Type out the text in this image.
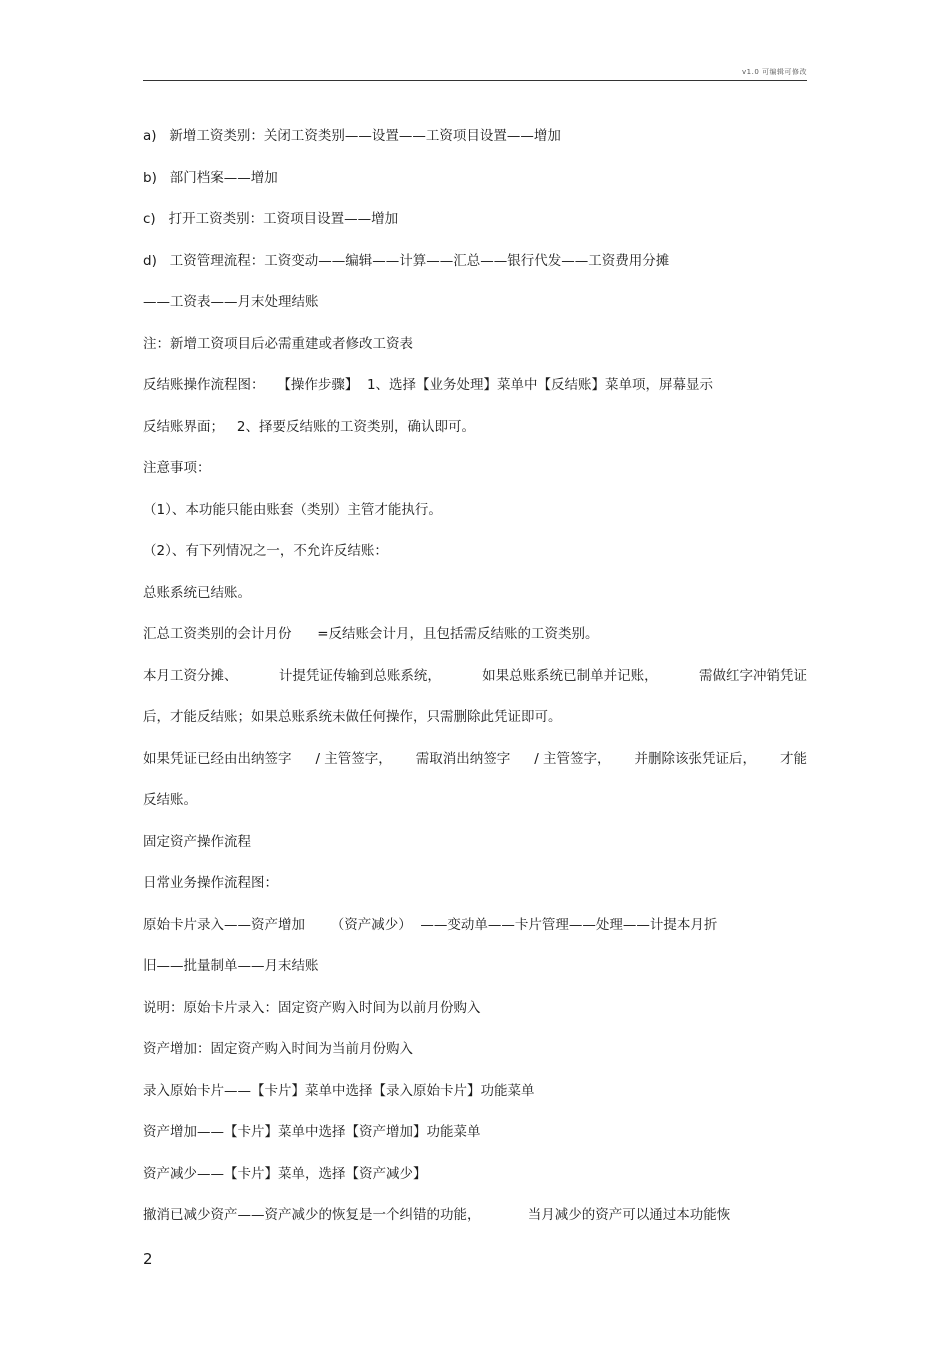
v1.0 可编辑可修改
a)   新增工资类别：关闭工资类别——设置——工资项目设置——增加
b)   部门档案——增加
c)   打开工资类别：工资项目设置——增加
d)   工资管理流程：工资变动——编辑——计算——汇总——银行代发——工资费用分摊
——工资表——月末处理结账
注：新增工资项目后必需重建或者修改工资表
反结账操作流程图：   【操作步骤】  1、选择【业务处理】菜单中【反结账】菜单项，屏幕显示
反结账界面；   2、择要反结账的工资类别，确认即可。
注意事项：
（1）、本功能只能由账套（类别）主管才能执行。
（2）、有下列情况之一，不允许反结账：
总账系统已结账。
汇总工资类别的会计月份      =反结账会计月，且包括需反结账的工资类别。
本月工资分摊、	计提凭证传输到总账系统，	如果总账系统已制单并记账，	需做红字冲销凭证
后，才能反结账；如果总账系统未做任何操作，只需删除此凭证即可。
如果凭证已经由出纳签字 / 主管签字， 需取消出纳签字 / 主管签字， 并删除该张凭证后， 才能
反结账。
固定资产操作流程
日常业务操作流程图：
原始卡片录入——资产增加      （资产减少）  ——变动单——卡片管理——处理——计提本月折
旧——批量制单——月末结账
说明：原始卡片录入：固定资产购入时间为以前月份购入
资产增加：固定资产购入时间为当前月份购入
录入原始卡片——【卡片】菜单中选择【录入原始卡片】功能菜单
资产增加——【卡片】菜单中选择【资产增加】功能菜单
资产减少——【卡片】菜单，选择【资产减少】
撤消已减少资产——资产减少的恢复是一个纠错的功能，           当月减少的资产可以通过本功能恢
2
